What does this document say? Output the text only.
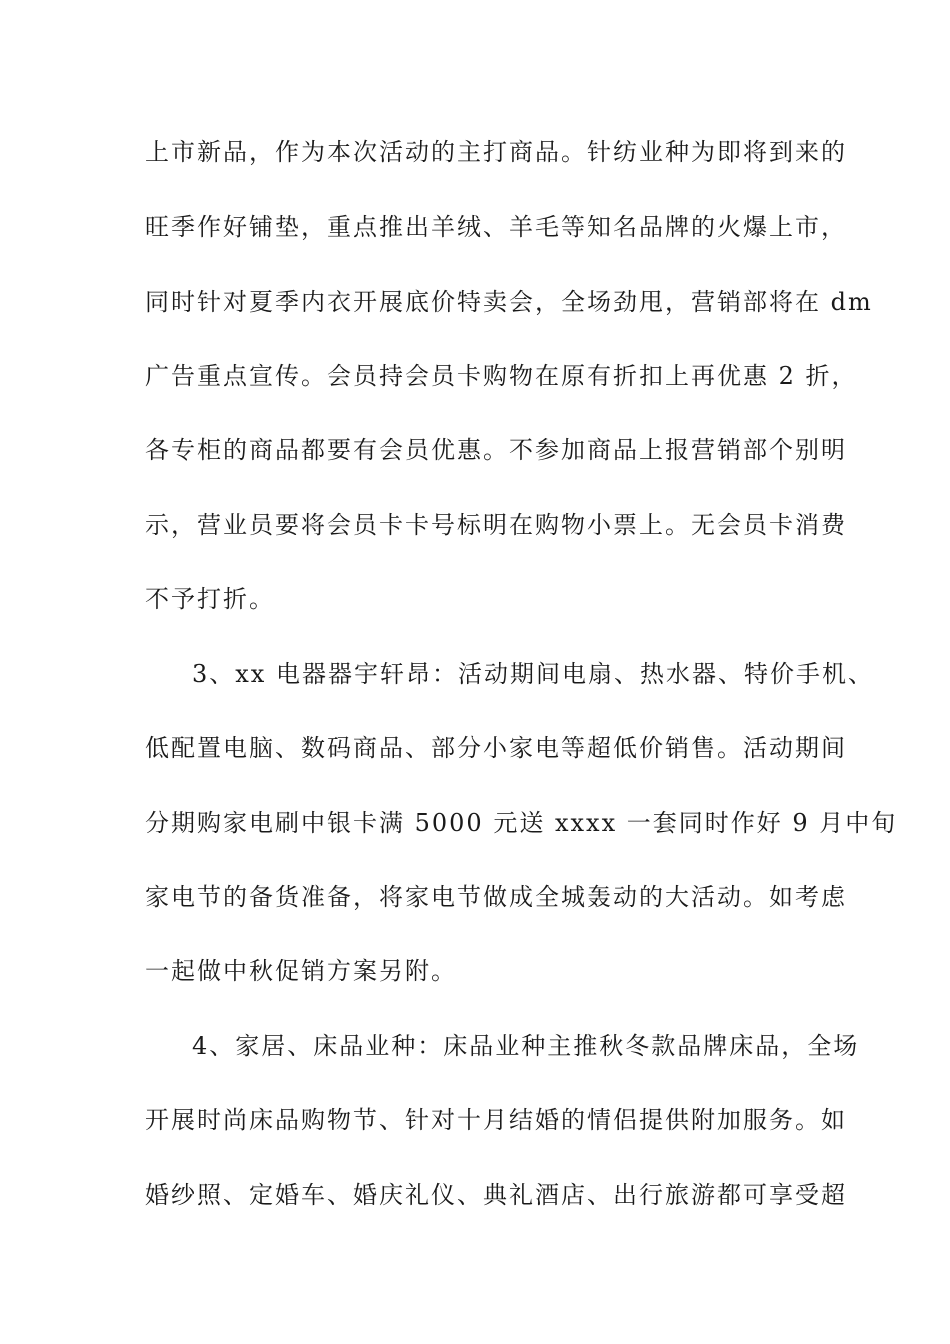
上市新品，作为本次活动的主打商品。针纺业种为即将到来的
旺季作好铺垫，重点推出羊绒、羊毛等知名品牌的火爆上市，
同时针对夏季内衣开展底价特卖会，全场劲甩，营销部将在 dm
广告重点宣传。会员持会员卡购物在原有折扣上再优惠 2 折，
各专柜的商品都要有会员优惠。不参加商品上报营销部个别明
示，营业员要将会员卡卡号标明在购物小票上。无会员卡消费
不予打折。
3、xx 电器器宇轩昂：活动期间电扇、热水器、特价手机、
低配置电脑、数码商品、部分小家电等超低价销售。活动期间
分期购家电刷中银卡满 5000 元送 xxxx 一套同时作好 9 月中旬
家电节的备货准备，将家电节做成全城轰动的大活动。如考虑
一起做中秋促销方案另附。
4、家居、床品业种：床品业种主推秋冬款品牌床品，全场
开展时尚床品购物节、针对十月结婚的情侣提供附加服务。如
婚纱照、定婚车、婚庆礼仪、典礼酒店、出行旅游都可享受超
